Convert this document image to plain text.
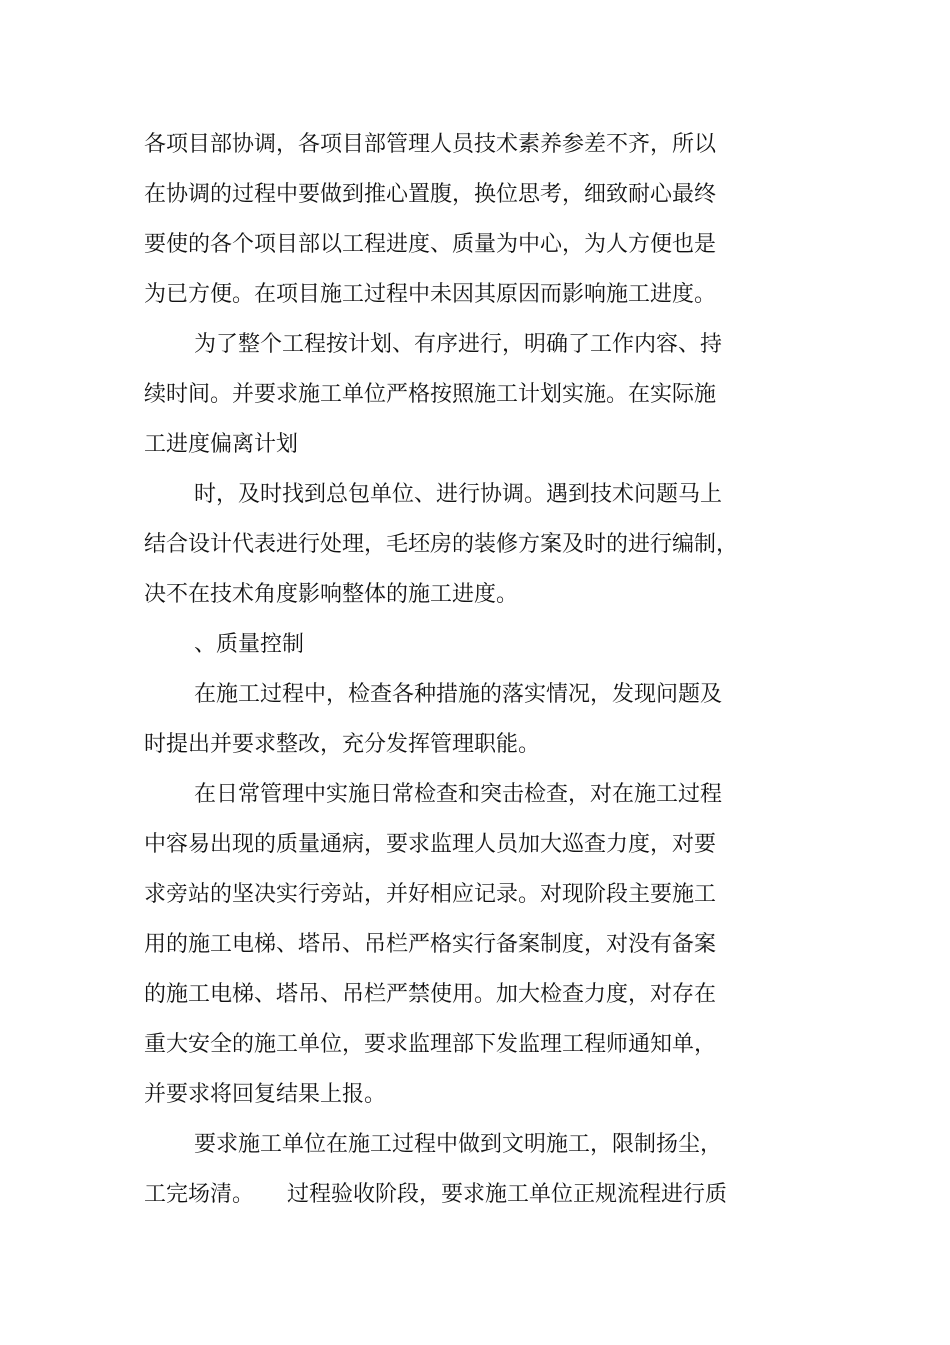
各项目部协调，各项目部管理人员技术素养参差不齐，所以
在协调的过程中要做到推心置腹，换位思考，细致耐心最终
要使的各个项目部以工程进度、质量为中心，为人方便也是
为已方便。在项目施工过程中未因其原因而影响施工进度。
为了整个工程按计划、有序进行，明确了工作内容、持
续时间。并要求施工单位严格按照施工计划实施。在实际施
工进度偏离计划
时，及时找到总包单位、进行协调。遇到技术问题马上
结合设计代表进行处理，毛坯房的装修方案及时的进行编制，
决不在技术角度影响整体的施工进度。
、质量控制
在施工过程中，检查各种措施的落实情况，发现问题及
时提出并要求整改，充分发挥管理职能。
在日常管理中实施日常检查和突击检查，对在施工过程
中容易出现的质量通病，要求监理人员加大巡查力度，对要
求旁站的坚决实行旁站，并好相应记录。对现阶段主要施工
用的施工电梯、塔吊、吊栏严格实行备案制度，对没有备案
的施工电梯、塔吊、吊栏严禁使用。加大检查力度，对存在
重大安全的施工单位，要求监理部下发监理工程师通知单，
并要求将回复结果上报。
要求施工单位在施工过程中做到文明施工，限制扬尘，
工完场清。　　过程验收阶段，要求施工单位正规流程进行质
